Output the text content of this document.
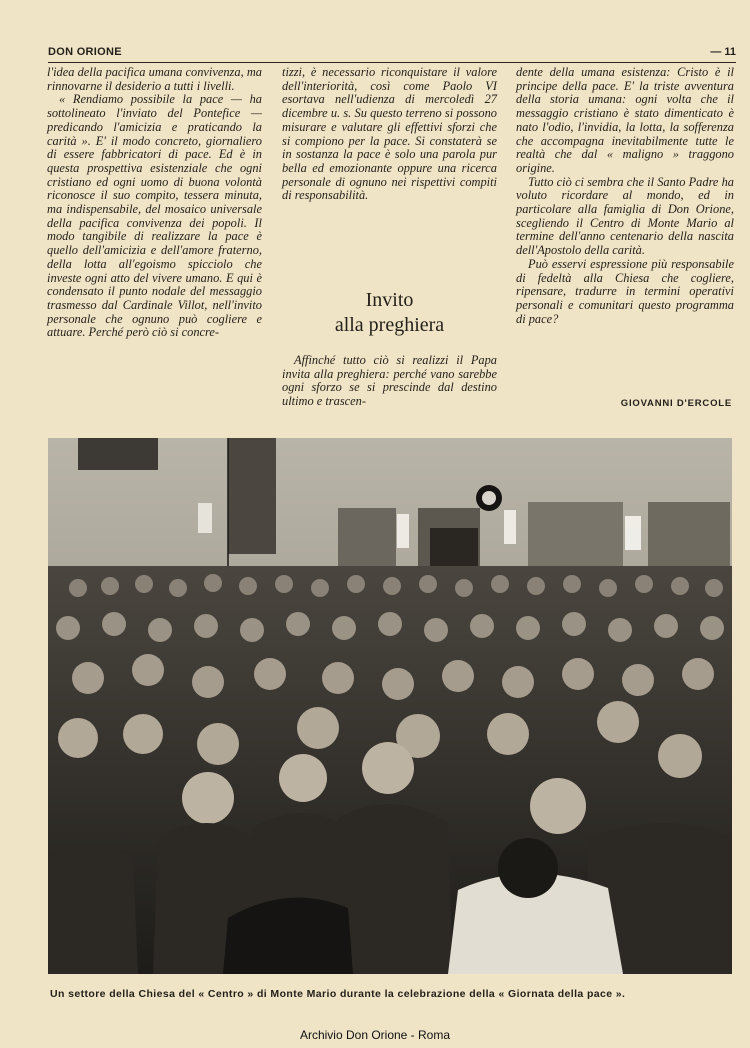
DON ORIONE	— 11

l'idea della pacifica umana convivenza, ma rinnovarne il desiderio a tutti i livelli.

« Rendiamo possibile la pace — ha sottolineato l'inviato del Pontefice — predicando l'amicizia e praticando la carità ». E' il modo concreto, giornaliero di essere fabbricatori di pace. Ed è in questa prospettiva esistenziale che ogni cristiano ed ogni uomo di buona volontà riconosce il suo compito, tessera minuta, ma indispensabile, del mosaico universale della pacifica convivenza dei popoli. Il modo tangibile di realizzare la pace è quello dell'amicizia e dell'amore fraterno, della lotta all'egoismo spicciolo che investe ogni atto del vivere umano. E qui è condensato il punto nodale del messaggio trasmesso dal Cardinale Villot, nell'invito personale che ognuno può cogliere e attuare. Perché però ciò si concre-

tizzi, è necessario riconquistare il valore dell'interiorità, così come Paolo VI esortava nell'udienza di mercoledì 27 dicembre u. s. Su questo terreno si possono misurare e valutare gli effettivi sforzi che si compiono per la pace. Si constaterà se in sostanza la pace è solo una parola pur bella ed emozionante oppure una ricerca personale di ognuno nei rispettivi compiti di responsabilità.

Invito
alla preghiera

Affinché tutto ciò si realizzi il Papa invita alla preghiera: perché vano sarebbe ogni sforzo se si prescinde dal destino ultimo e trascen-

dente della umana esistenza: Cristo è il principe della pace. E' la triste avventura della storia umana: ogni volta che il messaggio cristiano è stato dimenticato è nato l'odio, l'invidia, la lotta, la sofferenza che accompagna inevitabilmente tutte le realtà che dal « maligno » traggono origine.

Tutto ciò ci sembra che il Santo Padre ha voluto ricordare al mondo, ed in particolare alla famiglia di Don Orione, scegliendo il Centro di Monte Mario al termine dell'anno centenario della nascita dell'Apostolo della carità.

Può esservi espressione più responsabile di fedeltà alla Chiesa che cogliere, ripensare, tradurre in termini operativi personali e comunitari questo programma di pace?

GIOVANNI D'ERCOLE
Un settore della Chiesa del « Centro » di Monte Mario durante la celebrazione della « Giornata della pace ».
Archivio Don Orione - Roma
